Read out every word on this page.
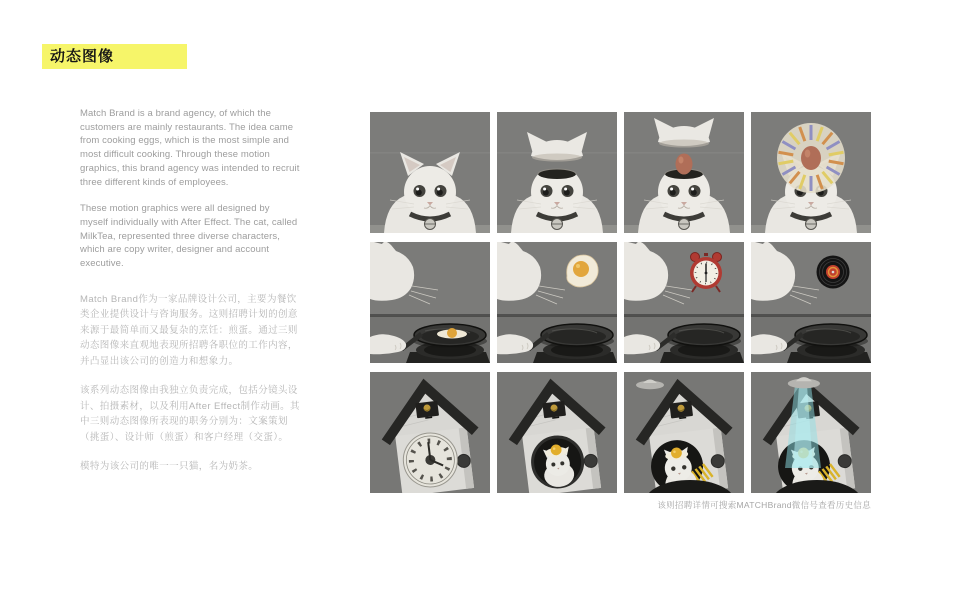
动态图像

Match Brand is a brand agency, of which the customers are mainly restaurants. The idea came from cooking eggs, which is the most simple and most difficult cooking. Through these motion graphics, this brand agency was intended to recruit three different kinds of employees.

These motion graphics were all designed by myself individually with After Effect. The cat, called MilkTea, represented three diverse characters, which are copy writer, designer and account executive.

Match Brand作为一家品牌设计公司，主要为餐饮类企业提供设计与咨询服务。这则招聘计划的创意来源于最简单而又最复杂的烹饪：煎蛋。通过三则动态图像来直观地表现所招聘各职位的工作内容，并凸显出该公司的创造力和想象力。

该系列动态图像由我独立负责完成，包括分镜头设计、拍摄素材，以及利用After Effect制作动画。其中三则动态图像所表现的职务分别为：文案策划（挑蛋）、设计师（煎蛋）和客户经理（交蛋）。

模特为该公司的唯一一只猫，名为奶茶。

该则招聘详情可搜索MATCHBrand微信号查看历史信息
